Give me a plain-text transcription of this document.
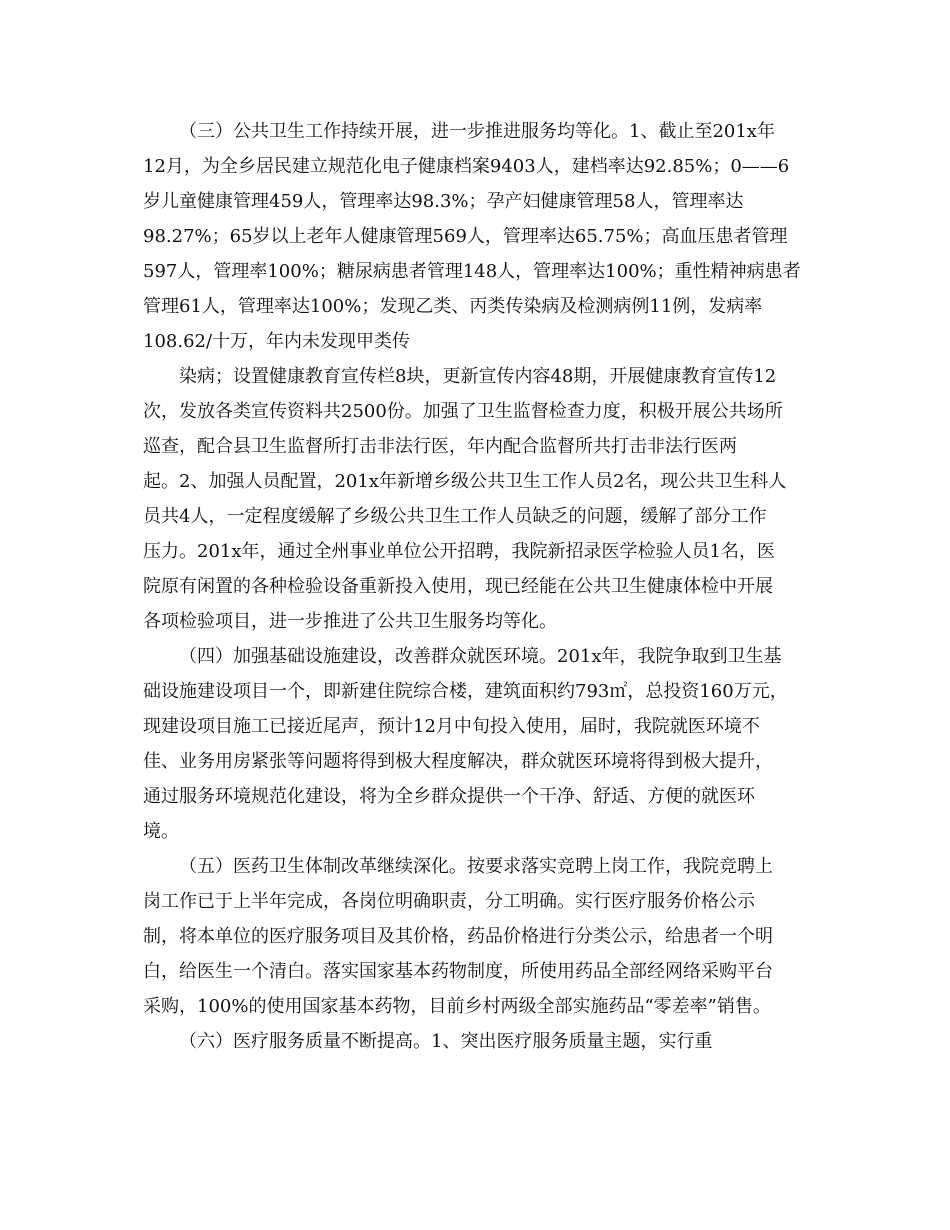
（三）公共卫生工作持续开展，进一步推进服务均等化。1、截止至201x年
12月，为全乡居民建立规范化电子健康档案9403人，建档率达92.85%；0——6
岁儿童健康管理459人，管理率达98.3%；孕产妇健康管理58人，管理率达
98.27%；65岁以上老年人健康管理569人，管理率达65.75%；高血压患者管理
597人，管理率100%；糖尿病患者管理148人，管理率达100%；重性精神病患者
管理61人，管理率达100%；发现乙类、丙类传染病及检测病例11例，发病率
108.62/十万，年内未发现甲类传
染病；设置健康教育宣传栏8块，更新宣传内容48期，开展健康教育宣传12
次，发放各类宣传资料共2500份。加强了卫生监督检查力度，积极开展公共场所
巡查，配合县卫生监督所打击非法行医，年内配合监督所共打击非法行医两
起。2、加强人员配置，201x年新增乡级公共卫生工作人员2名，现公共卫生科人
员共4人，一定程度缓解了乡级公共卫生工作人员缺乏的问题，缓解了部分工作
压力。201x年，通过全州事业单位公开招聘，我院新招录医学检验人员1名，医
院原有闲置的各种检验设备重新投入使用，现已经能在公共卫生健康体检中开展
各项检验项目，进一步推进了公共卫生服务均等化。
（四）加强基础设施建设，改善群众就医环境。201x年，我院争取到卫生基
础设施建设项目一个，即新建住院综合楼，建筑面积约793㎡，总投资160万元，
现建设项目施工已接近尾声，预计12月中旬投入使用，届时，我院就医环境不
佳、业务用房紧张等问题将得到极大程度解决，群众就医环境将得到极大提升，
通过服务环境规范化建设，将为全乡群众提供一个干净、舒适、方便的就医环
境。
（五）医药卫生体制改革继续深化。按要求落实竞聘上岗工作，我院竞聘上
岗工作已于上半年完成，各岗位明确职责，分工明确。实行医疗服务价格公示
制，将本单位的医疗服务项目及其价格，药品价格进行分类公示，给患者一个明
白，给医生一个清白。落实国家基本药物制度，所使用药品全部经网络采购平台
采购，100%的使用国家基本药物，目前乡村两级全部实施药品“零差率”销售。
（六）医疗服务质量不断提高。1、突出医疗服务质量主题，实行重
